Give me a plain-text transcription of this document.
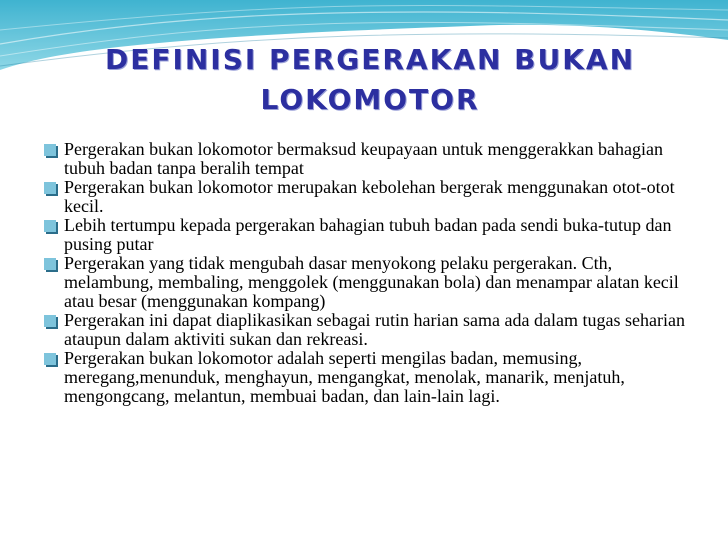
DEFINISI PERGERAKAN BUKAN
LOKOMOTOR
Pergerakan bukan lokomotor bermaksud keupayaan untuk menggerakkan bahagian tubuh badan tanpa beralih tempat
Pergerakan bukan lokomotor merupakan kebolehan bergerak menggunakan otot-otot kecil.
Lebih tertumpu kepada pergerakan bahagian tubuh badan pada sendi buka-tutup dan pusing putar
Pergerakan yang tidak mengubah dasar menyokong pelaku pergerakan. Cth, melambung, membaling, menggolek (menggunakan bola) dan menampar alatan kecil atau besar (menggunakan kompang)
Pergerakan ini dapat diaplikasikan sebagai rutin harian sama ada dalam tugas seharian ataupun dalam aktiviti sukan dan rekreasi.
Pergerakan bukan lokomotor adalah seperti mengilas badan, memusing, meregang,menunduk, menghayun, mengangkat, menolak, manarik, menjatuh, mengongcang, melantun, membuai badan, dan lain-lain lagi.
